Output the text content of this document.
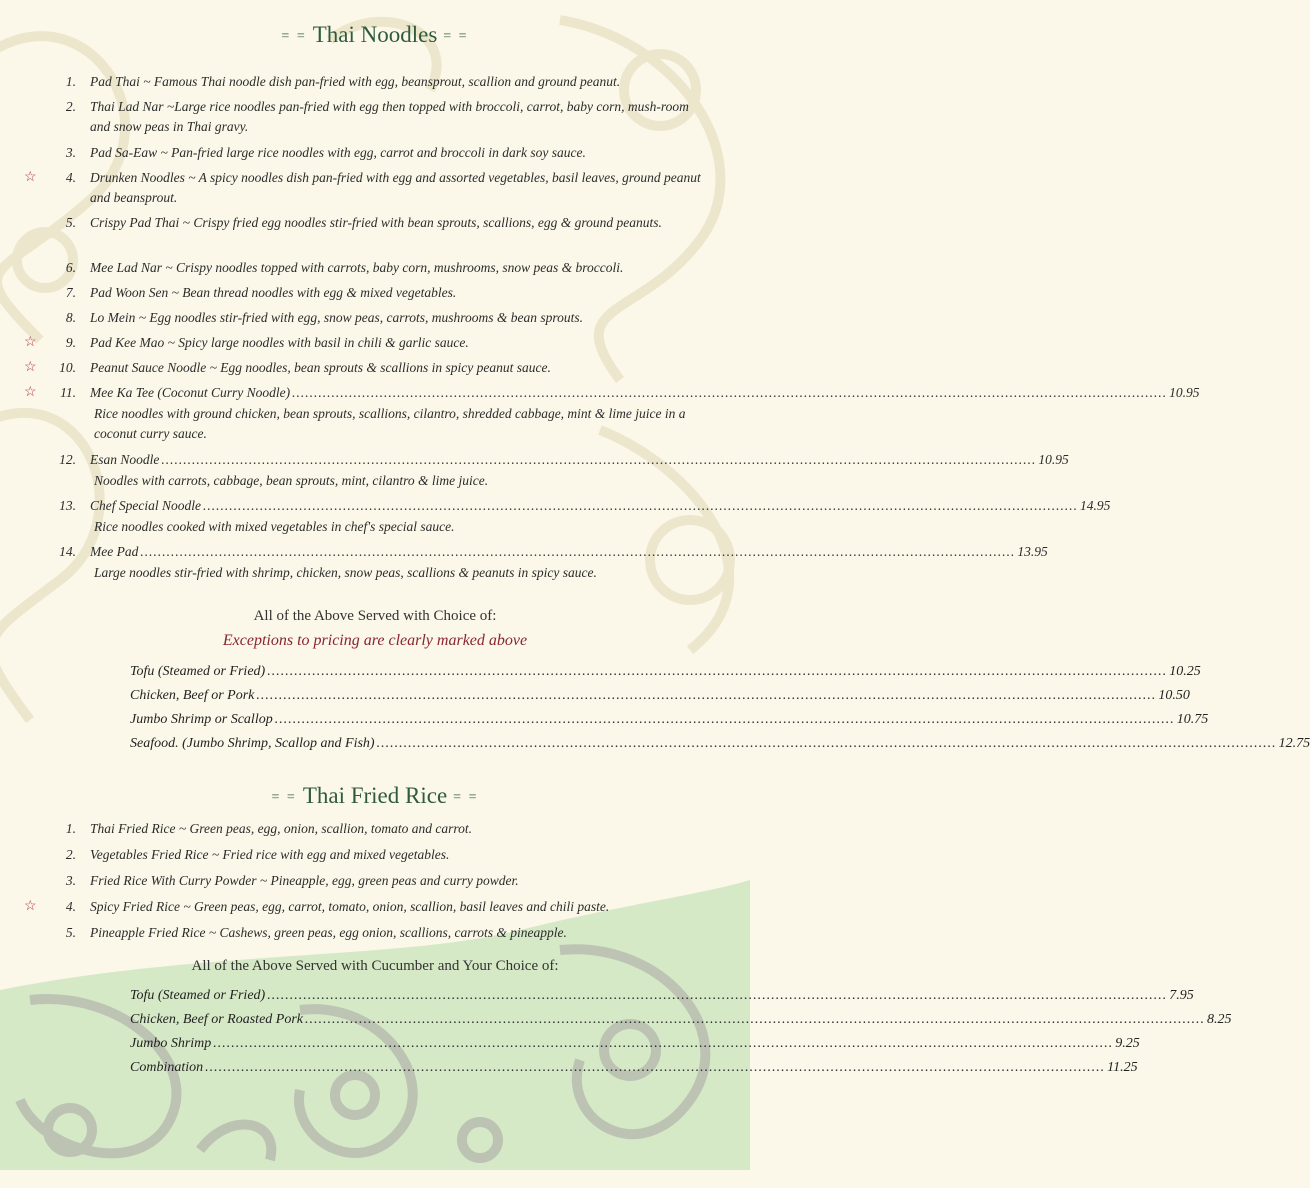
= = Thai Noodles = =
1. Pad Thai ~ Famous Thai noodle dish pan-fried with egg, beansprout, scallion and ground peanut.
2. Thai Lad Nar ~Large rice noodles pan-fried with egg then topped with broccoli, carrot, baby corn, mush-room and snow peas in Thai gravy.
3. Pad Sa-Eaw ~ Pan-fried large rice noodles with egg, carrot and broccoli in dark soy sauce.
☆	4. Drunken Noodles ~ A spicy noodles dish pan-fried with egg and assorted vegetables, basil leaves, ground peanut and beansprout.
5. Crispy Pad Thai ~ Crispy fried egg noodles stir-fried with bean sprouts, scallions, egg & ground peanuts.
6. Mee Lad Nar ~ Crispy noodles topped with carrots, baby corn, mushrooms, snow peas & broccoli.
7. Pad Woon Sen ~ Bean thread noodles with egg & mixed vegetables.
8. Lo Mein ~ Egg noodles stir-fried with egg, snow peas, carrots, mushrooms & bean sprouts.
☆	9. Pad Kee Mao ~ Spicy large noodles with basil in chili & garlic sauce.
☆	10. Peanut Sauce Noodle ~ Egg noodles, bean sprouts & scallions in spicy peanut sauce.
☆	11. Mee Ka Tee (Coconut Curry Noodle) ........................................................................................................................................................................................................ 10.95
Rice noodles with ground chicken, bean sprouts, scallions, cilantro, shredded cabbage, mint & lime juice in a coconut curry sauce.
12. Esan Noodle ........................................................................................................................................................................................................ 10.95
Noodles with carrots, cabbage, bean sprouts, mint, cilantro & lime juice.
13. Chef Special Noodle ........................................................................................................................................................................................................ 14.95
Rice noodles cooked with mixed vegetables in chef's special sauce.
14. Mee Pad ........................................................................................................................................................................................................ 13.95
Large noodles stir-fried with shrimp, chicken, snow peas, scallions & peanuts in spicy sauce.
All of the Above Served with Choice of:
Exceptions to pricing are clearly marked above
Tofu (Steamed or Fried) ........................................................................................................................................................................................................ 10.25
Chicken, Beef or Pork ........................................................................................................................................................................................................ 10.50
Jumbo Shrimp or Scallop ........................................................................................................................................................................................................ 10.75
Seafood. (Jumbo Shrimp, Scallop and Fish) ........................................................................................................................................................................................................ 12.75
= = Thai Fried Rice = =
1. Thai Fried Rice ~ Green peas, egg, onion, scallion, tomato and carrot.
2. Vegetables Fried Rice ~ Fried rice with egg and mixed vegetables.
3. Fried Rice With Curry Powder ~ Pineapple, egg, green peas and curry powder.
☆	4. Spicy Fried Rice ~ Green peas, egg, carrot, tomato, onion, scallion, basil leaves and chili paste.
5. Pineapple Fried Rice ~ Cashews, green peas, egg onion, scallions, carrots & pineapple.
All of the Above Served with Cucumber and Your Choice of:
Tofu (Steamed or Fried) ........................................................................................................................................................................................................ 7.95
Chicken, Beef or Roasted Pork ........................................................................................................................................................................................................ 8.25
Jumbo Shrimp ........................................................................................................................................................................................................ 9.25
Combination ........................................................................................................................................................................................................ 11.25
